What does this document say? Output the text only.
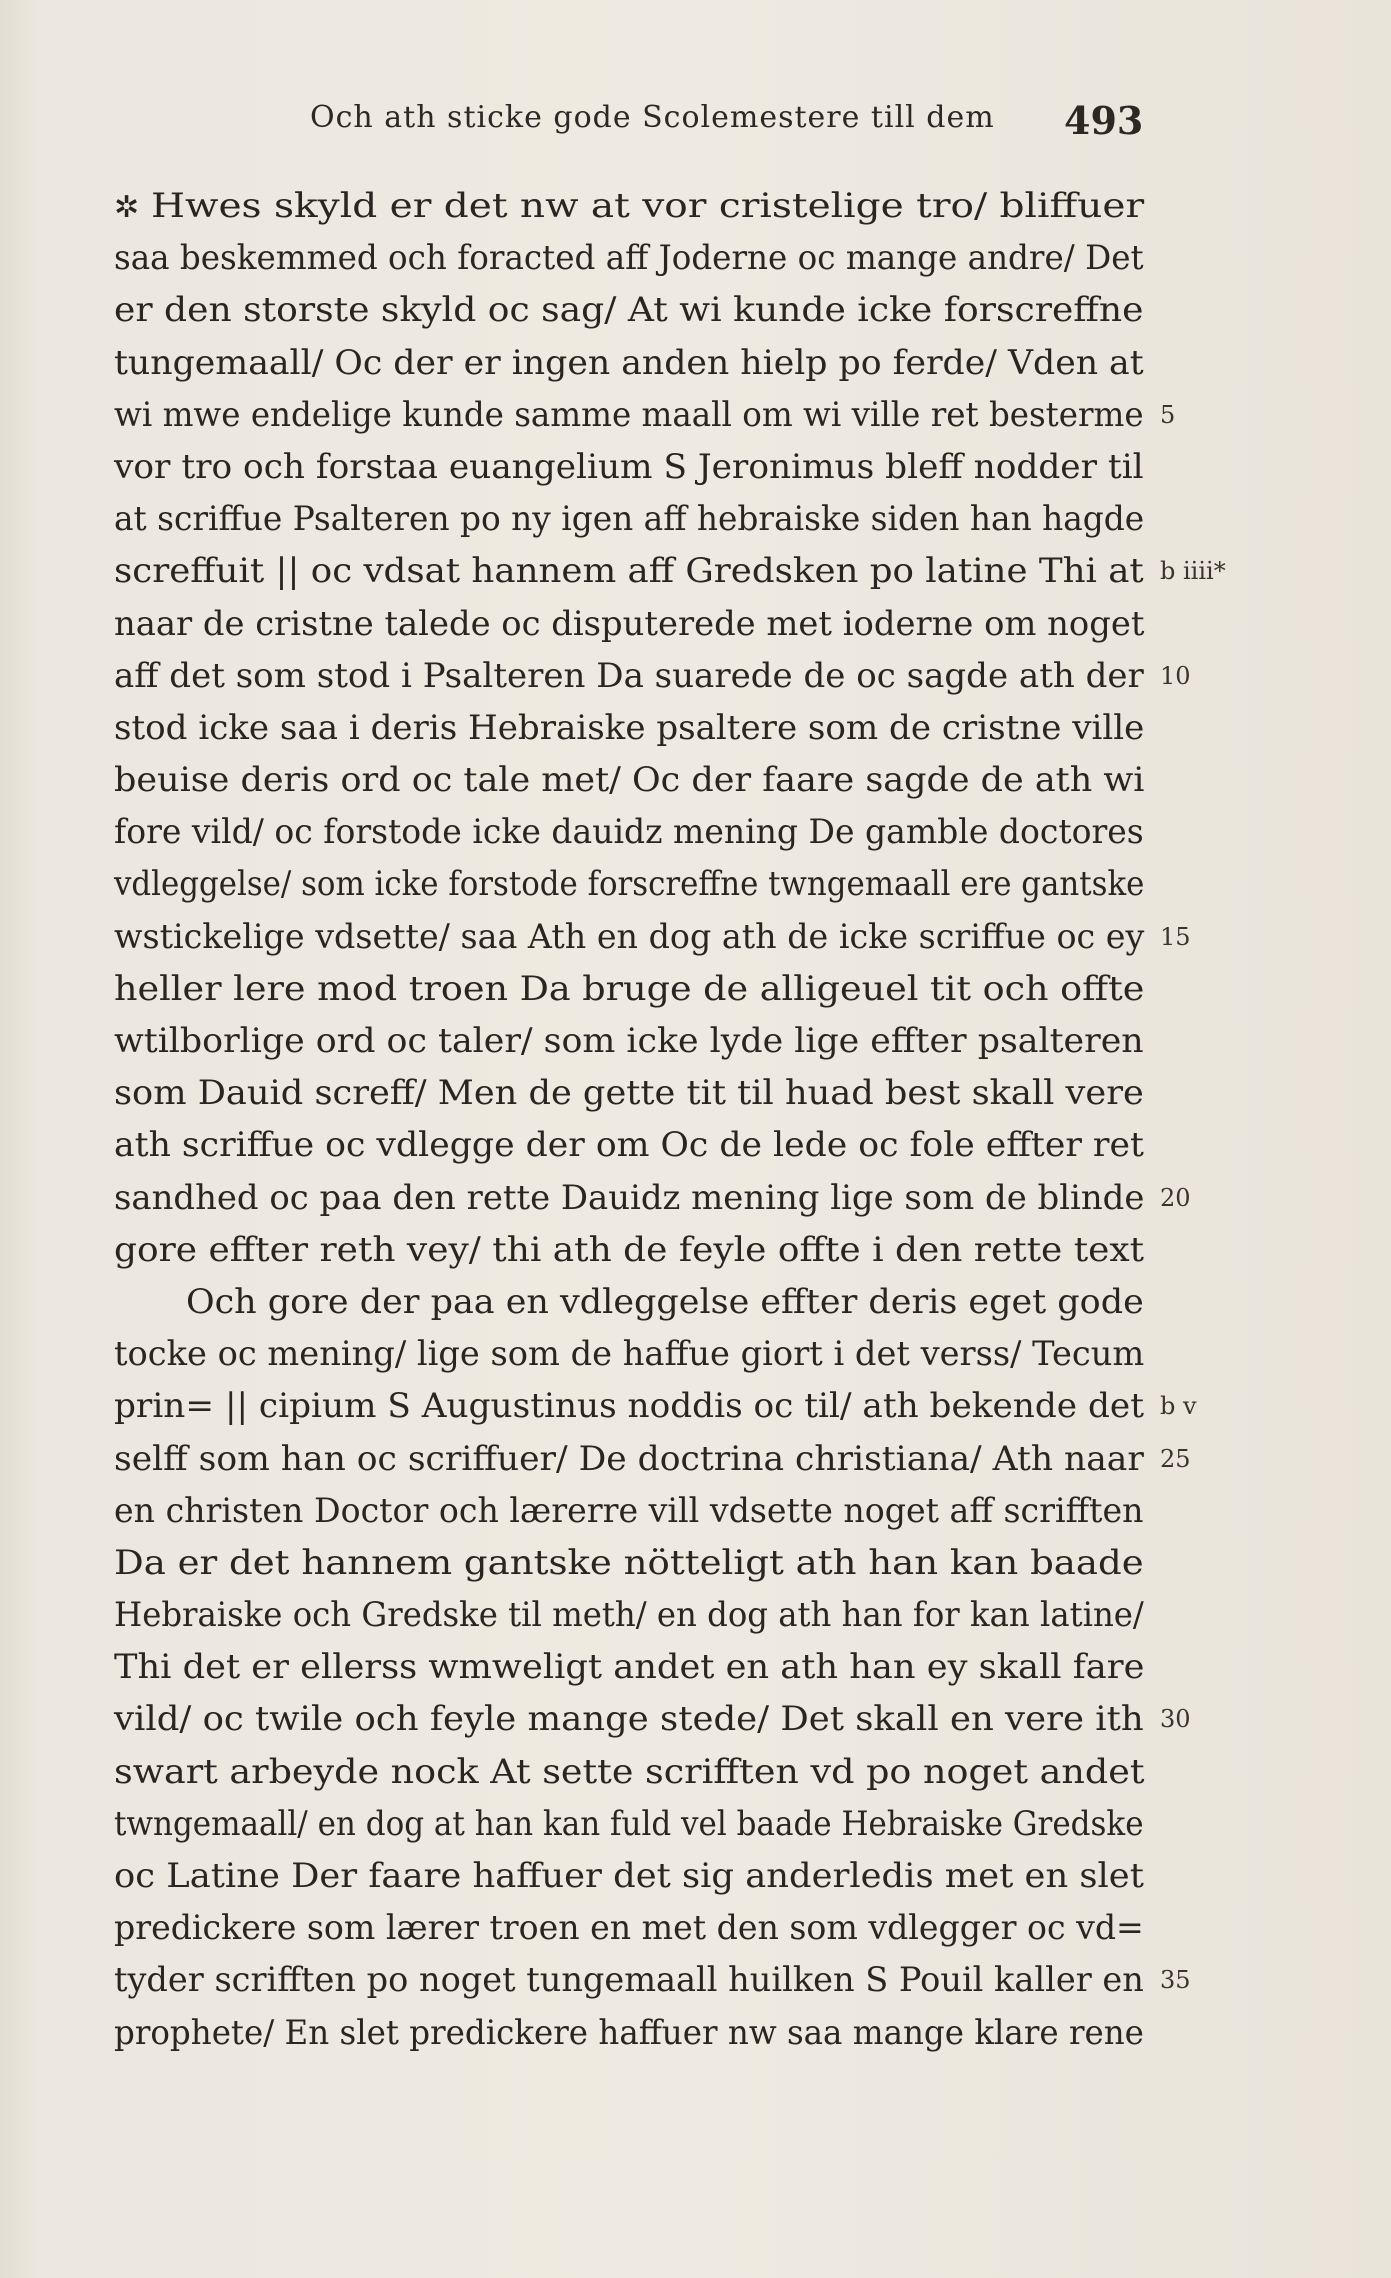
Och ath stickе gode Scolemestere till dem 493
✲ Hwes skyld er det nw at vor cristelige tro/ bliffuer
saa beskemmed och foracted aff Joderne oc mange andre/ Det
er den storste skyld oc sag/ At wi kunde icke forscreffne
tungemaall/ Oc der er ingen anden hielp po ferde/ Vden at
wi mwe endelige kunde samme maall om wi ville ret besterme 5
vor tro och forstaa euangelium S Jeronimus bleff nodder til
at scriffue Psalteren po ny igen aff hebraiske siden han hagde
screffuit || oc vdsat hannem aff Gredsken po latine Thi at b iiii*
naar de cristne talede oc disputerede met ioderne om noget
aff det som stod i Psalteren Da suarede de oc sagde ath der 10
stod icke saa i deris Hebraiske psaltere som de cristne ville
beuise deris ord oc tale met/ Oc der faare sagde de ath wi
fore vild/ oc forstode icke dauidz mening De gamble doctores
vdleggelse/ som icke forstode forscreffne twngemaall ere gantske
wstickelige vdsette/ saa Ath en dog ath de icke scriffue oc ey 15
heller lere mod troen Da bruge de alligeuel tit och offte
wtilborlige ord oc taler/ som icke lyde lige effter psalteren
som Dauid screff/ Men de gette tit til huad best skall vere
ath scriffue oc vdlegge der om Oc de lede oc fole effter ret
sandhed oc paa den rette Dauidz mening lige som de blinde 20
gore effter reth vey/ thi ath de feyle offte i den rette text
Och gore der paa en vdleggelse effter deris eget gode
tocke oc mening/ lige som de haffue giort i det verss/ Tecum
prin= || cipium S Augustinus noddis oc til/ ath bekende det b v
selff som han oc scriffuer/ De doctrina christiana/ Ath naar 25
en christen Doctor och lærerre vill vdsette noget aff scrifften
Da er det hannem gantske nötteligt ath han kan baade
Hebraiske och Gredske til meth/ en dog ath han for kan latine/
Thi det er ellerss wmweligt andet en ath han ey skall fare
vild/ oc twile och feyle mange stede/ Det skall en vere ith 30
swart arbeyde nock At sette scrifften vd po noget andet
twngemaall/ en dog at han kan fuld vel baade Hebraiske Gredske
oc Latine Der faare haffuer det sig anderledis met en slet
predickere som lærer troen en met den som vdlegger oc vd=
tyder scrifften po noget tungemaall huilken S Pouil kaller en 35
prophete/ En slet predickere haffuer nw saa mange klare rene
